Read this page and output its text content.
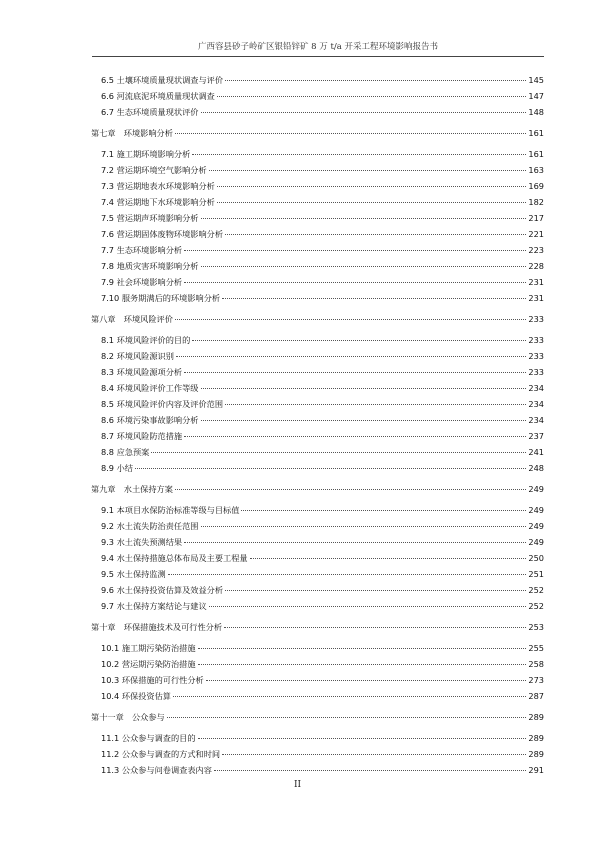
广西容县砂子岭矿区银铅锌矿 8 万 t/a 开采工程环境影响报告书
6.5 土壤环境质量现状调查与评价	145
6.6 河流底泥环境质量现状调查	147
6.7 生态环境质量现状评价	148
第七章　环境影响分析	161
7.1 施工期环境影响分析	161
7.2 营运期环境空气影响分析	163
7.3 营运期地表水环境影响分析	169
7.4 营运期地下水环境影响分析	182
7.5 营运期声环境影响分析	217
7.6 营运期固体废物环境影响分析	221
7.7 生态环境影响分析	223
7.8 地质灾害环境影响分析	228
7.9 社会环境影响分析	231
7.10 服务期满后的环境影响分析	231
第八章　环境风险评价	233
8.1 环境风险评价的目的	233
8.2 环境风险源识别	233
8.3 环境风险源项分析	233
8.4 环境风险评价工作等级	234
8.5 环境风险评价内容及评价范围	234
8.6 环境污染事故影响分析	234
8.7 环境风险防范措施	237
8.8 应急预案	241
8.9 小结	248
第九章　水土保持方案	249
9.1 本项目水保防治标准等级与目标值	249
9.2 水土流失防治责任范围	249
9.3 水土流失预测结果	249
9.4 水土保持措施总体布局及主要工程量	250
9.5 水土保持监测	251
9.6 水土保持投资估算及效益分析	252
9.7 水土保持方案结论与建议	252
第十章　环保措施技术及可行性分析	253
10.1 施工期污染防治措施	255
10.2 营运期污染防治措施	258
10.3 环保措施的可行性分析	273
10.4 环保投资估算	287
第十一章　公众参与	289
11.1 公众参与调查的目的	289
11.2 公众参与调查的方式和时间	289
11.3 公众参与问卷调查表内容	291
II
